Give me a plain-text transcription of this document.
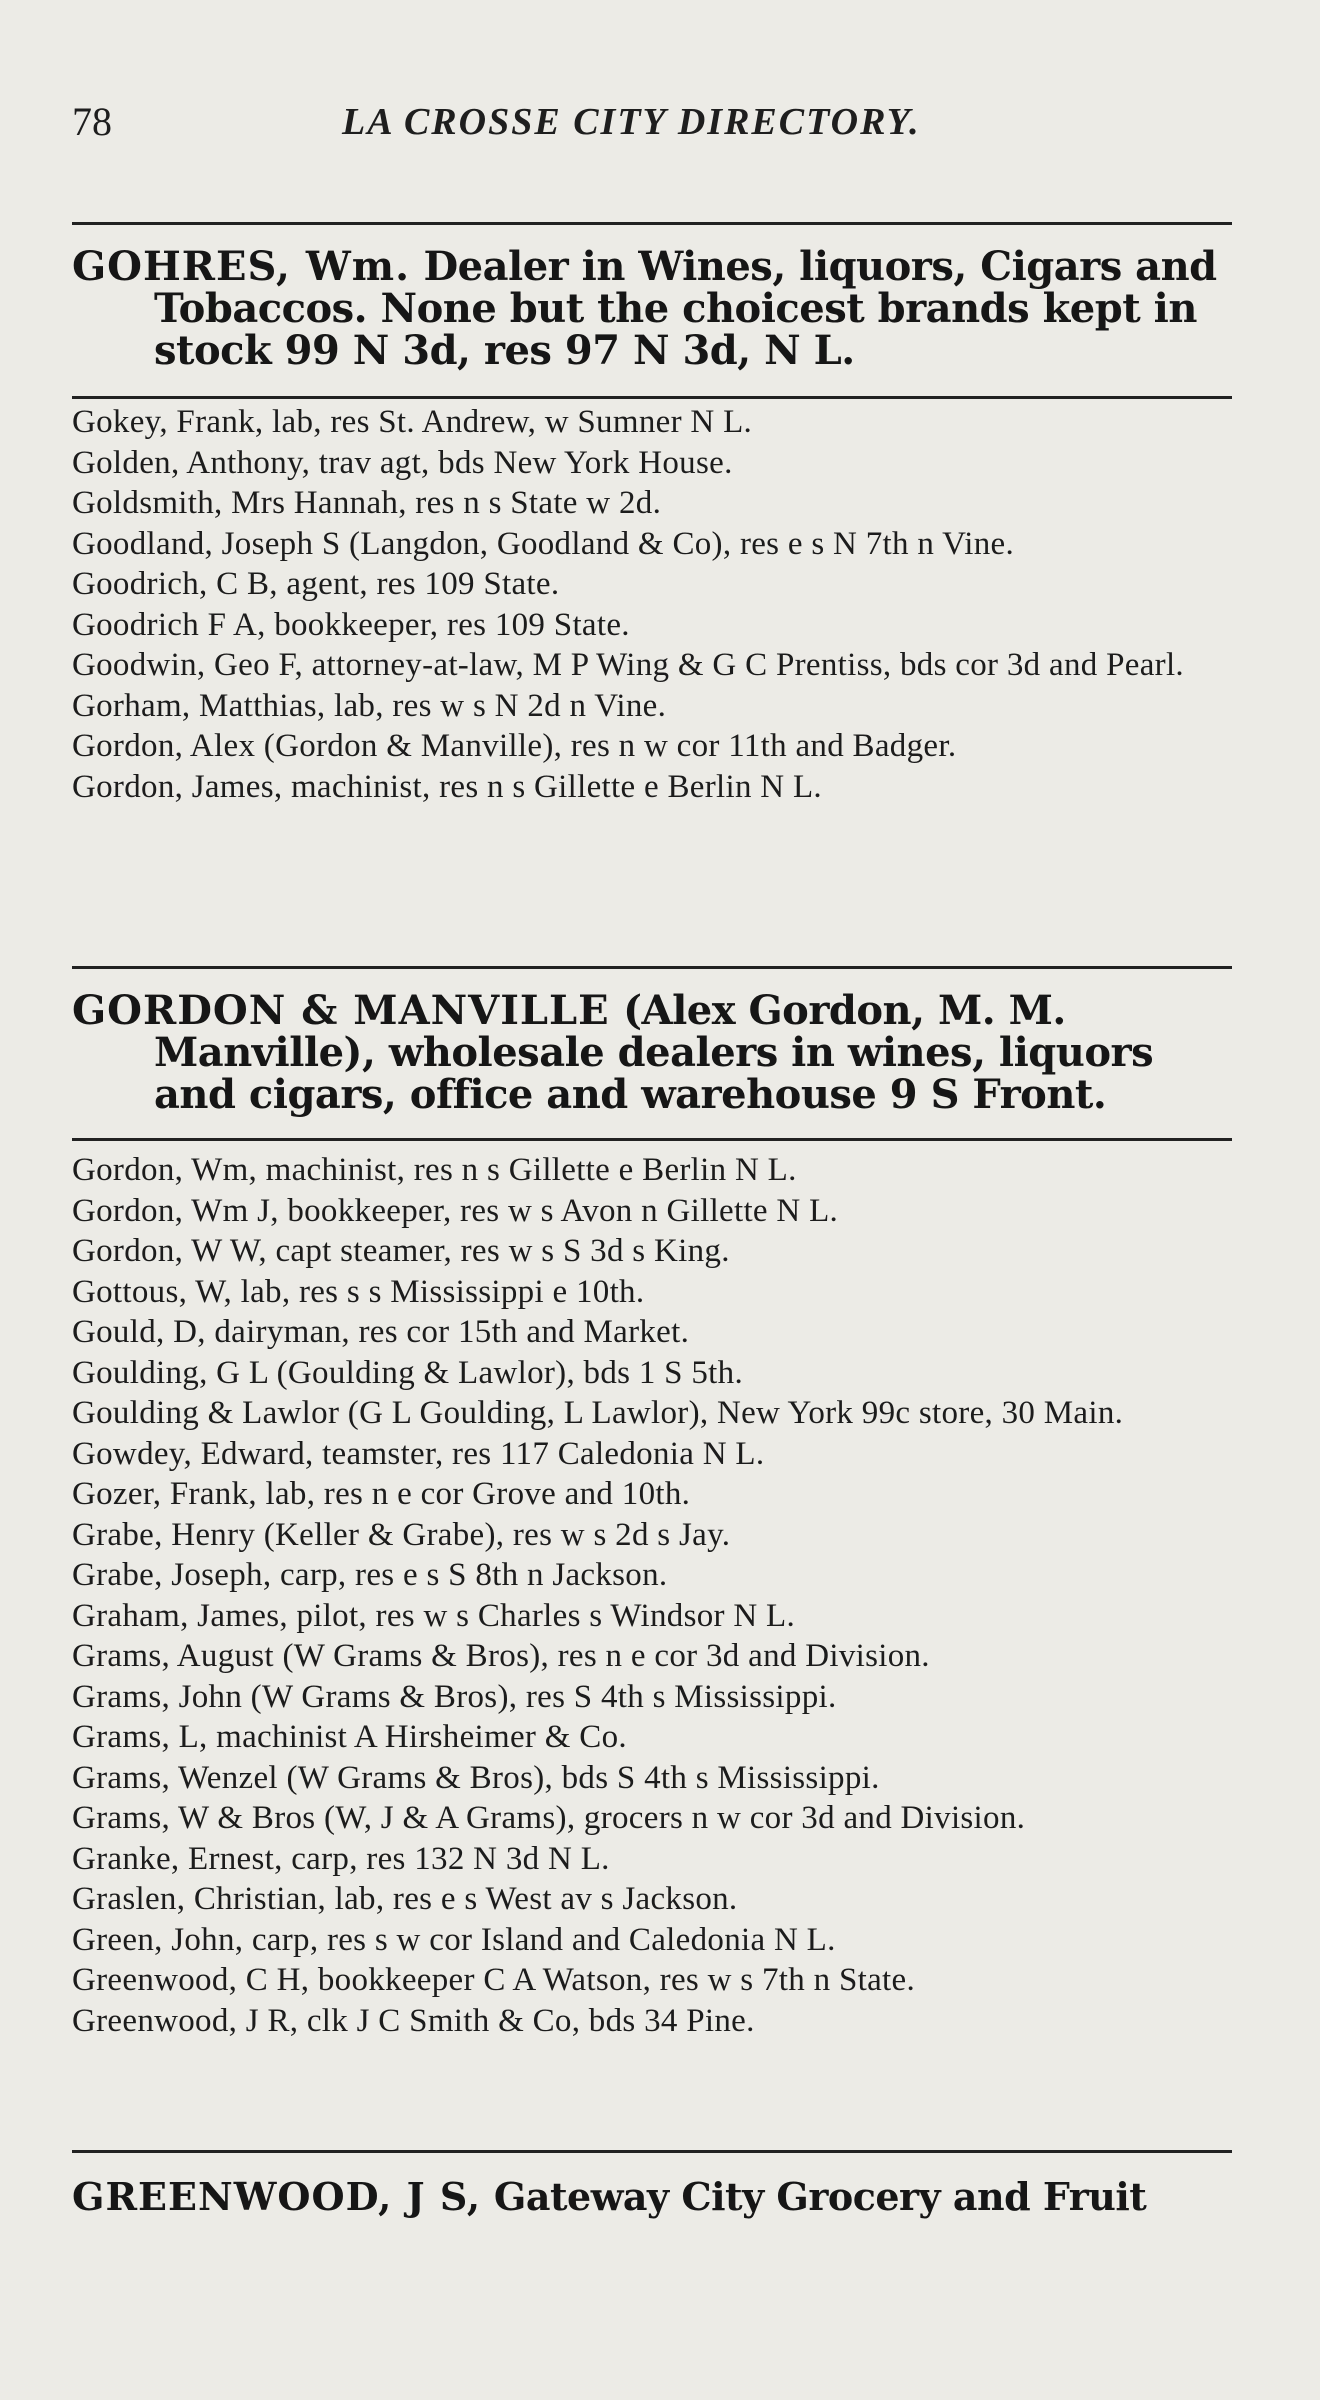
78	LA CROSSE CITY DIRECTORY.
GOHRES, Wm. Dealer in Wines, liquors, Cigars and Tobaccos. None but the choicest brands kept in stock 99 N 3d, res 97 N 3d, N L.
Gokey, Frank, lab, res St. Andrew, w Sumner N L.
Golden, Anthony, trav agt, bds New York House.
Goldsmith, Mrs Hannah, res n s State w 2d.
Goodland, Joseph S (Langdon, Goodland & Co), res e s N 7th n Vine.
Goodrich, C B, agent, res 109 State.
Goodrich F A, bookkeeper, res 109 State.
Goodwin, Geo F, attorney-at-law, M P Wing & G C Prentiss, bds cor 3d and Pearl.
Gorham, Matthias, lab, res w s N 2d n Vine.
Gordon, Alex (Gordon & Manville), res n w cor 11th and Badger.
Gordon, James, machinist, res n s Gillette e Berlin N L.
GORDON & MANVILLE (Alex Gordon, M. M. Manville), wholesale dealers in wines, liquors and cigars, office and warehouse 9 S Front.
Gordon, Wm, machinist, res n s Gillette e Berlin N L.
Gordon, Wm J, bookkeeper, res w s Avon n Gillette N L.
Gordon, W W, capt steamer, res w s S 3d s King.
Gottous, W, lab, res s s Mississippi e 10th.
Gould, D, dairyman, res cor 15th and Market.
Goulding, G L (Goulding & Lawlor), bds 1 S 5th.
Goulding & Lawlor (G L Goulding, L Lawlor), New York 99c store, 30 Main.
Gowdey, Edward, teamster, res 117 Caledonia N L.
Gozer, Frank, lab, res n e cor Grove and 10th.
Grabe, Henry (Keller & Grabe), res w s 2d s Jay.
Grabe, Joseph, carp, res e s S 8th n Jackson.
Graham, James, pilot, res w s Charles s Windsor N L.
Grams, August (W Grams & Bros), res n e cor 3d and Division.
Grams, John (W Grams & Bros), res S 4th s Mississippi.
Grams, L, machinist A Hirsheimer & Co.
Grams, Wenzel (W Grams & Bros), bds S 4th s Mississippi.
Grams, W & Bros (W, J & A Grams), grocers n w cor 3d and Division.
Granke, Ernest, carp, res 132 N 3d N L.
Graslen, Christian, lab, res e s West av s Jackson.
Green, John, carp, res s w cor Island and Caledonia N L.
Greenwood, C H, bookkeeper C A Watson, res w s 7th n State.
Greenwood, J R, clk J C Smith & Co, bds 34 Pine.
GREENWOOD, J S, Gateway City Grocery and Fruit
